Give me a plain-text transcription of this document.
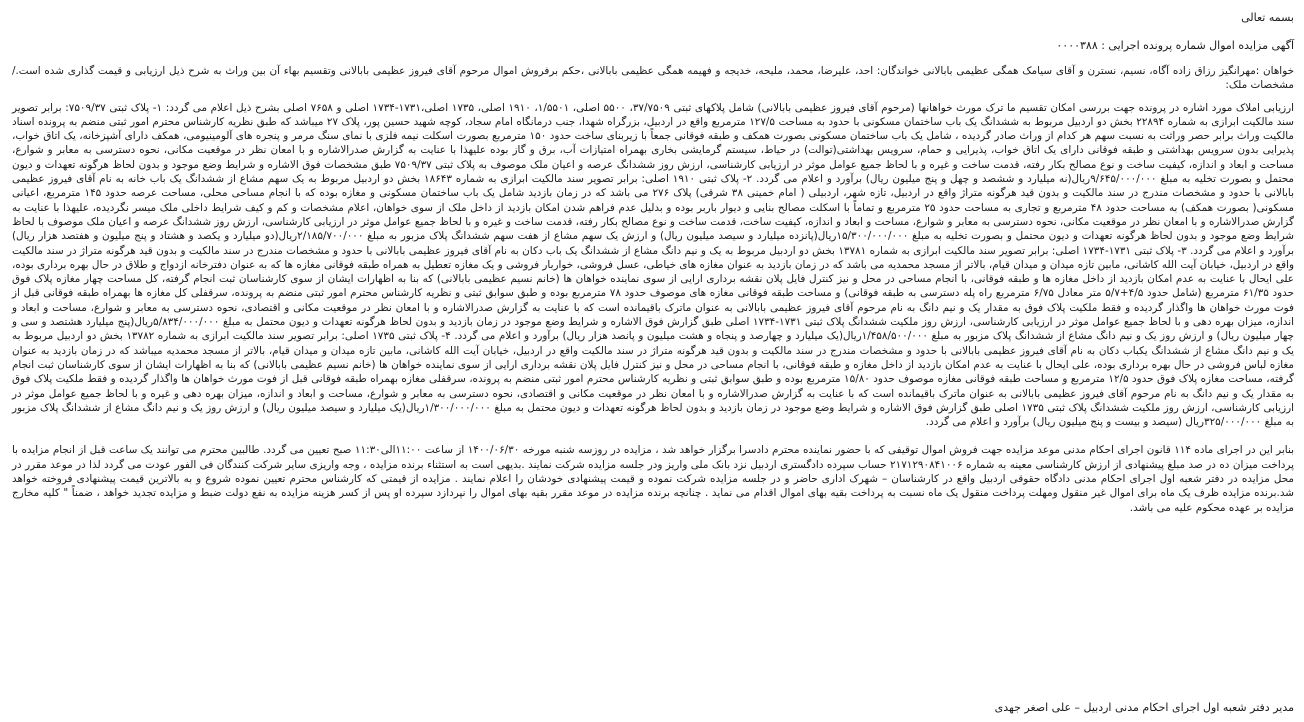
بسمه تعالی
آگهی مزایده اموال شماره پرونده اجرایی : ۰۰۰۰۳۸۸

خواهان :مهرانگیز رزاق زاده آگاه، نسیم، نسترن و آقای سیامک همگی عظیمی بابالانی خواندگان: احد، علیرضا، محمد، ملیحه، خدیجه و فهیمه همگی عظیمی بابالانی ،حکم برفروش اموال مرحوم آقای فیروز عظیمی بابالانی وتقسیم بهاء آن بین وراث به شرح ذیل ارزیابی و قیمت گذاری شده است./ مشخصات ملک:

ارزیابی املاک مورد اشاره در پرونده جهت بررسی امکان تقسیم ما ترک مورث خواهانها (مرحوم آقای فیروز عظیمی بابالانی) شامل پلاکهای ثبتی ۳۷/۷۵۰۹، ۵۵۰۰ اصلی، ۱/۵۵۰۱، ۱۹۱۰ اصلی، ۱۷۳۵ اصلی،۱۷۳۱-۱۷۳۴ اصلی و ۷۶۵۸ اصلی بشرح ذیل اعلام می گردد: ۱- پلاک ثبتی ۷۵۰۹/۳۷: برابر تصویر سند مالکیت ابرازی به شماره ۲۲۸۹۴ بخش دو اردبیل مربوط به ششدانگ یک باب ساختمان مسکونی با حدود به مساحت ۱۲۷/۵ مترمربع واقع در اردبیل، بزرگراه شهدا، جنب درمانگاه امام سجاد، کوچه شهید حسین پور، پلاک ۲۷ میباشد که طبق نظریه کارشناس محترم امور ثبتی منضم به پرونده اسناد مالکیت وراث برابر حصر وراثت به نسبت سهم هر کدام از وراث صادر گردیده ، شامل یک باب ساختمان مسکونی بصورت همکف و طبقه فوقانی جمعاً با زیربنای ساخت حدود ۱۵۰ مترمربع بصورت اسکلت نیمه فلزی با نمای سنگ مرمر و پنجره های آلومینیومی، همکف دارای آشپزخانه، یک اتاق خواب، پذیرایی بدون سرویس بهداشتی و طبقه فوقانی دارای یک اتاق خواب، پذیرایی و حمام، سرویس بهداشتی(توالت) در حیاط، سیستم گرمایشی بخاری بهمراه امتیازات آب، برق و گاز بوده علیهذا با عنایت به گزارش صدرالاشاره و با امعان نظر در موقعیت مکانی، نحوه دسترسی به معابر و شوارع، مساحت و ابعاد و اندازه، کیفیت ساخت و نوع مصالح بکار رفته، قدمت ساخت و غیره و با لحاظ جمیع عوامل موثر در ارزیابی کارشناسی، ارزش روز ششدانگ عرصه و اعیان ملک موصوف به پلاک ثبتی ۷۵۰۹/۳۷ طبق مشخصات فوق الاشاره و شرایط وضع موجود و بدون لحاظ هرگونه تعهدات و دیون محتمل و بصورت تخلیه به مبلغ ۹/۶۴۵/۰۰۰/۰۰۰ریال(نه میلیارد و ششصد و چهل و پنج میلیون ریال) برآورد و اعلام می گردد. ۲- پلاک ثبتی ۱۹۱۰ اصلی: برابر تصویر سند مالکیت ابرازی به شماره ۱۸۶۴۳ بخش دو اردبیل مربوط به یک سهم مشاع از ششدانگ یک باب خانه به نام آقای فیروز عظیمی بابالانی با حدود و مشخصات مندرج در سند مالکیت و بدون قید هرگونه متراژ واقع در اردبیل، تازه شهر، اردبیلی ( امام خمینی ۳۸ شرقی) پلاک ۲۷۶ می باشد که در زمان بازدید شامل یک باب ساختمان مسکونی و مغازه بوده که با انجام مساحی محلی، مساحت عرصه حدود ۱۴۵ مترمربع، اعیانی مسکونی( بصورت همکف) به مساحت حدود ۴۸ مترمربع و تجاری به مساحت حدود ۲۵ مترمربع و تماماً با اسکلت مصالح بنایی و دیوار باربر بوده و بدلیل عدم فراهم شدن امکان بازدید از داخل ملک از سوی خواهان، اعلام مشخصات و کم و کیف شرایط داخلی ملک میسر نگردیده، علیهذا با عنایت به گزارش صدرالاشاره و با امعان نظر در موقعیت مکانی، نحوه دسترسی به معابر و شوارع، مساحت و ابعاد و اندازه، کیفیت ساخت، قدمت ساخت و نوع مصالح بکار رفته، قدمت ساخت و غیره و با لحاظ جمیع عوامل موثر در ارزیابی کارشناسی، ارزش روز ششدانگ عرصه و اعیان ملک موصوف با لحاظ شرایط وضع موجود و بدون لحاظ هرگونه تعهدات و دیون محتمل و بصورت تخلیه به مبلغ ۱۵/۳۰۰/۰۰۰/۰۰۰ریال(پانزده میلیارد و سیصد میلیون ریال) و ارزش یک سهم مشاع از هفت سهم ششدانگ پلاک مزبور به مبلغ ۲/۱۸۵/۷۰۰/۰۰۰ریال(دو میلیارد و یکصد و هشتاد و پنج میلیون و هفتصد هزار ریال) برآورد و اعلام می گردد. ۳- پلاک ثبتی ۱۷۳۱-۱۷۳۴ اصلی: برابر تصویر سند مالکیت ابرازی به شماره ۱۳۷۸۱ بخش دو اردبیل مربوط به یک و نیم دانگ مشاع از ششدانگ یک باب دکان به نام آقای فیروز عظیمی بابالانی با حدود و مشخصات مندرج در سند مالکیت و بدون قید هرگونه متراژ در سند مالکیت واقع در اردبیل، خیابان آیت الله کاشانی، مابین تازه میدان و میدان قیام، بالاتر از مسجد محمدیه می باشد که در زمان بازدید به عنوان مغازه های خیاطی، عسل فروشی، خواربار فروشی و یک مغازه تعطیل به همراه طبقه فوقانی مغازه ها که به عنوان دفترخانه ازدواج و طلاق در حال بهره برداری بوده، علی ایحال با عنایت به عدم امکان بازدید از داخل مغازه ها و طبقه فوقانی، با انجام مساحی در محل و نیز کنترل فایل پلان نقشه برداری ارایی از سوی نماینده خواهان ها (خانم نسیم عظیمی بابالانی) که بنا به اظهارات ایشان از سوی کارشناسان ثبت انجام گرفته، کل مساحت چهار مغازه پلاک فوق حدود ۶۱/۳۵ مترمربع (شامل حدود ۴/۵+۵/۷ متر معادل ۶/۷۵ مترمربع راه پله دسترسی به طبقه فوقانی) و مساحت طبقه فوقانی مغازه های موصوف حدود ۷۸ مترمربع بوده و طبق سوابق ثبتی و نظریه کارشناس محترم امور ثبتی منضم به پرونده، سرقفلی کل مغازه ها بهمراه طبقه فوقانی قبل از فوت مورث خواهان ها واگذار گردیده و فقط ملکیت پلاک فوق به مقدار یک و نیم دانگ به نام مرحوم آقای فیروز عظیمی بابالانی به عنوان ماترک باقیمانده است که با عنایت به گزارش صدرالاشاره و با امعان نظر در موقعیت مکانی و اقتصادی، نحوه دسترسی به معابر و شوارع، مساحت و ابعاد و اندازه، میزان بهره دهی و با لحاظ جمیع عوامل موثر در ارزیابی کارشناسی، ارزش روز ملکیت ششدانگ پلاک ثبتی ۱۷۳۱-۱۷۳۴ اصلی طبق گزارش فوق الاشاره و شرایط وضع موجود در زمان بازدید و بدون لحاظ هرگونه تعهدات و دیون محتمل به مبلغ ۵/۸۳۴/۰۰۰/۰۰۰ریال(پنج میلیارد هشتصد و سی و چهار میلیون ریال) و ارزش روز یک و نیم دانگ مشاع از ششدانگ پلاک مزبور به مبلغ ۱/۴۵۸/۵۰۰/۰۰۰ریال(یک میلیارد و چهارصد و پنجاه و هشت میلیون و پانصد هزار ریال) برآورد و اعلام می گردد. ۴- پلاک ثبتی ۱۷۳۵ اصلی: برابر تصویر سند مالکیت ابرازی به شماره ۱۳۷۸۲ بخش دو اردبیل مربوط به یک و نیم دانگ مشاع از ششدانگ یکباب دکان به نام آقای فیروز عظیمی بابالانی با حدود و مشخصات مندرج در سند مالکیت و بدون قید هرگونه متراژ در سند مالکیت واقع در اردبیل، خیابان آیت الله کاشانی، مابین تازه میدان و میدان قیام، بالاتر از مسجد محمدیه میباشد که در زمان بازدید به عنوان مغازه لباس فروشی در حال بهره برداری بوده، علی ایحال با عنایت به عدم امکان بازدید از داخل مغازه و طبقه فوقانی، با انجام مساحی در محل و نیز کنترل فایل پلان نقشه برداری ارایی از سوی نماینده خواهان ها (خانم نسیم عظیمی بابالانی) که بنا به اظهارات ایشان از سوی کارشناسان ثبت انجام گرفته، مساحت مغازه پلاک فوق حدود ۱۲/۵ مترمربع و مساحت طبقه فوقانی مغازه موصوف حدود ۱۵/۸۰ مترمربع بوده و طبق سوابق ثبتی و نظریه کارشناس محترم امور ثبتی منضم به پرونده، سرقفلی مغازه بهمراه طبقه فوقانی قبل از فوت مورث خواهان ها واگذار گردیده و فقط ملکیت پلاک فوق به مقدار یک و نیم دانگ به نام مرحوم آقای فیروز عظیمی بابالانی به عنوان ماترک باقیمانده است که با عنایت به گزارش صدرالاشاره و با امعان نظر در موقعیت مکانی و اقتصادی، نحوه دسترسی به معابر و شوارع، مساحت و ابعاد و اندازه، میزان بهره دهی و غیره و با لحاظ جمیع عوامل موثر در ارزیابی کارشناسی، ارزش روز ملکیت ششدانگ پلاک ثبتی ۱۷۳۵ اصلی طبق گزارش فوق الاشاره و شرایط وضع موجود در زمان بازدید و بدون لحاظ هرگونه تعهدات و دیون محتمل به مبلغ ۱/۳۰۰/۰۰۰/۰۰۰ریال(یک میلیارد و سیصد میلیون ریال) و ارزش روز یک و نیم دانگ مشاع از ششدانگ پلاک مزبور به مبلغ ۳۲۵/۰۰۰/۰۰۰ریال (سیصد و بیست و پنج میلیون ریال) برآورد و اعلام می گردد.

بنابر این در اجرای ماده ۱۱۴ قانون اجرای احکام مدنی موعد مزایده جهت فروش اموال توقیفی که با حضور نماینده محترم دادسرا برگزار خواهد شد ، مزایده در روزسه شنبه مورخه ۱۴۰۰/۰۶/۳۰ از ساعت ۱۱:۰۰الی۱۱:۳۰ صبح تعیین می گردد. طالبین محترم می توانند یک ساعت قبل از انجام مزایده با پرداخت میزان ده در صد مبلغ پیشنهادی از ارزش کارشناسی معینه به شماره ۲۱۷۱۲۹۰۸۴۱۰۰۶ حساب سپرده دادگستری اردبیل نزد بانک ملی واریز ودر جلسه مزایده شرکت نمایند .بدیهی است به استثناء برنده مزایده ، وجه واریزی سایر شرکت کنندگان فی الفور عودت می گردد لذا در موعد مقرر در محل مزایده در دفتر شعبه اول اجرای احکام مدنی دادگاه حقوقی اردبیل واقع در کارشناسان – شهرک اداری حاضر و در جلسه مزایده شرکت نموده و قیمت پیشنهادی خودشان را اعلام نمایند . مزایده از قیمتی که کارشناس محترم تعیین نموده شروع و به بالاترین قیمت پیشنهادی فروخته خواهد شد.برنده مزایده ظرف یک ماه برای اموال غیر منقول ومهلت پرداخت منقول یک ماه نسبت به پرداخت بقیه بهای اموال اقدام می نماید . چنانچه برنده مزایده در موعد مقرر بقیه بهای اموال را نپردازد سپرده او پس از کسر هزینه مزایده به نفع دولت ضبط و مزایده تجدید خواهد ، ضمناً " کلیه مخارج مزایده بر عهده محکوم علیه می باشد.

مدیر دفتر شعبه اول اجرای احکام مدنی اردبیل – علی اصغر جهدی
